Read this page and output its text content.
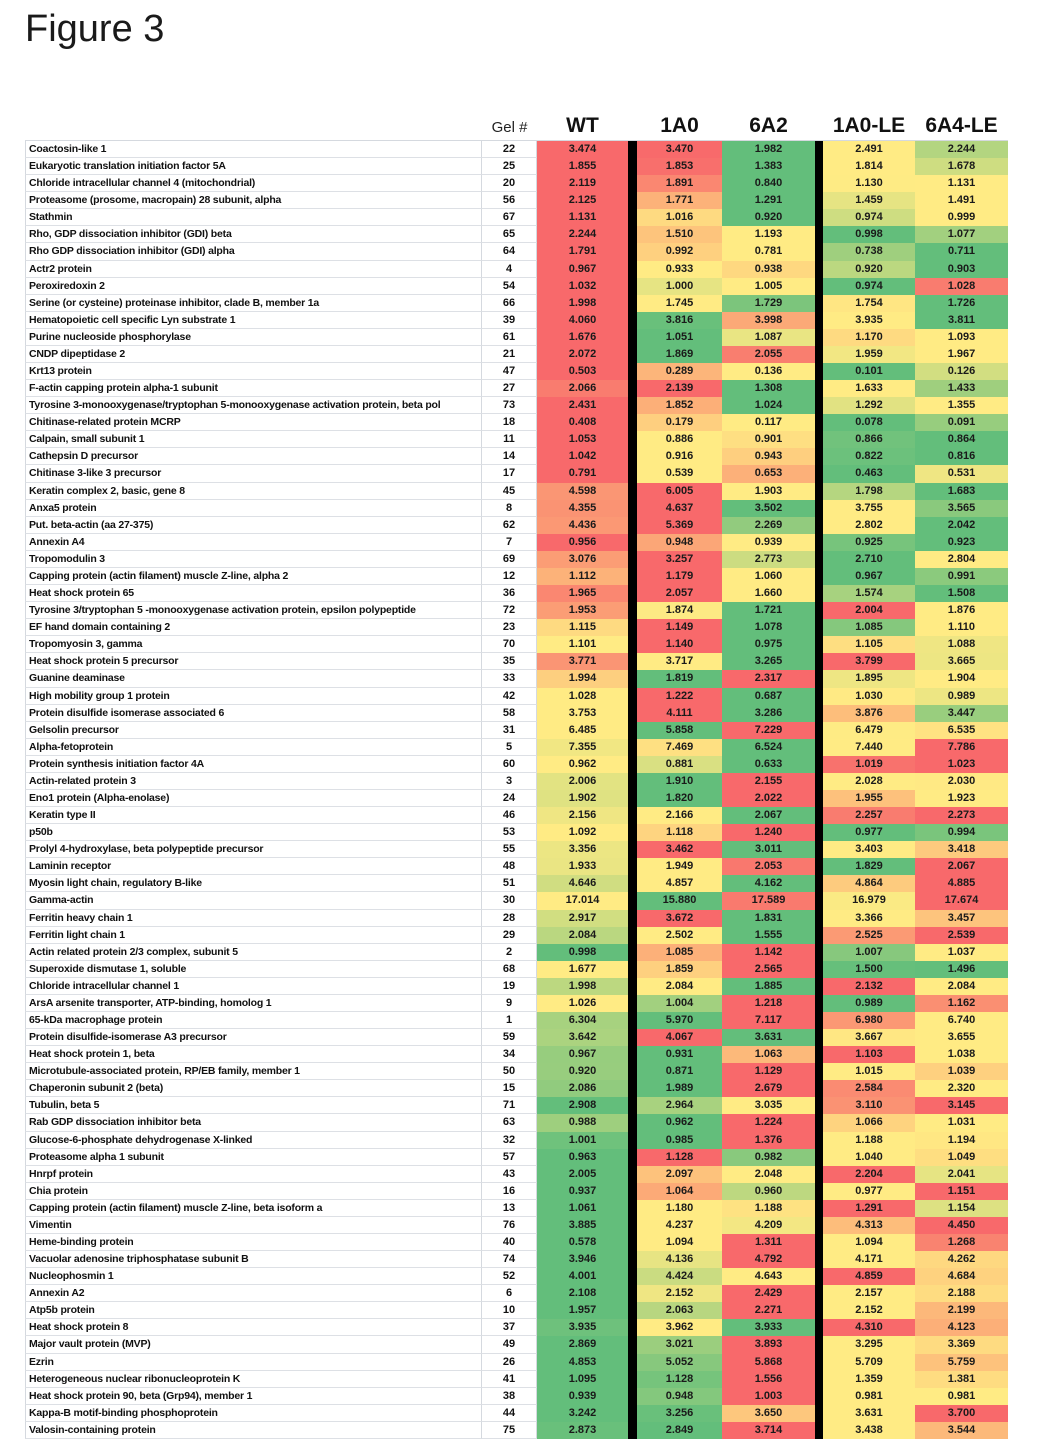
Figure 3
Gel #	WT	1A0	6A2	1A0-LE 6A4-LE
Coactosin-like 1	22	3.474	3.470	1.982	2.491	2.244
Eukaryotic translation initiation factor 5A	25	1.855	1.853	1.383	1.814	1.678
Chloride intracellular channel 4 (mitochondrial)	20	2.119	1.891	0.840	1.130	1.131
Proteasome (prosome, macropain) 28 subunit, alpha	56	2.125	1.771	1.291	1.459	1.491
Stathmin	67	1.131	1.016	0.920	0.974	0.999
Rho, GDP dissociation inhibitor (GDI) beta	65	2.244	1.510	1.193	0.998	1.077
Rho GDP dissociation inhibitor (GDI) alpha	64	1.791	0.992	0.781	0.738	0.711
Actr2 protein	4	0.967	0.933	0.938	0.920	0.903
Peroxiredoxin 2	54	1.032	1.000	1.005	0.974	1.028
Serine (or cysteine) proteinase inhibitor, clade B, member 1a	66	1.998	1.745	1.729	1.754	1.726
Hematopoietic cell specific Lyn substrate 1	39	4.060	3.816	3.998	3.935	3.811
Purine nucleoside phosphorylase	61	1.676	1.051	1.087	1.170	1.093
CNDP dipeptidase 2	21	2.072	1.869	2.055	1.959	1.967
Krt13 protein	47	0.503	0.289	0.136	0.101	0.126
F-actin capping protein alpha-1 subunit	27	2.066	2.139	1.308	1.633	1.433
Tyrosine 3-monooxygenase/tryptophan 5-monooxygenase activation protein, beta pol	73	2.431	1.852	1.024	1.292	1.355
Chitinase-related protein MCRP	18	0.408	0.179	0.117	0.078	0.091
Calpain, small subunit 1	11	1.053	0.886	0.901	0.866	0.864
Cathepsin D precursor	14	1.042	0.916	0.943	0.822	0.816
Chitinase 3-like 3 precursor	17	0.791	0.539	0.653	0.463	0.531
Keratin complex 2, basic, gene 8	45	4.598	6.005	1.903	1.798	1.683
Anxa5 protein	8	4.355	4.637	3.502	3.755	3.565
Put. beta-actin (aa 27-375)	62	4.436	5.369	2.269	2.802	2.042
Annexin A4	7	0.956	0.948	0.939	0.925	0.923
Tropomodulin 3	69	3.076	3.257	2.773	2.710	2.804
Capping protein (actin filament) muscle Z-line, alpha 2	12	1.112	1.179	1.060	0.967	0.991
Heat shock protein 65	36	1.965	2.057	1.660	1.574	1.508
Tyrosine 3/tryptophan 5 -monooxygenase activation protein, epsilon polypeptide	72	1.953	1.874	1.721	2.004	1.876
EF hand domain containing 2	23	1.115	1.149	1.078	1.085	1.110
Tropomyosin 3, gamma	70	1.101	1.140	0.975	1.105	1.088
Heat shock protein 5 precursor	35	3.771	3.717	3.265	3.799	3.665
Guanine deaminase	33	1.994	1.819	2.317	1.895	1.904
High mobility group 1 protein	42	1.028	1.222	0.687	1.030	0.989
Protein disulfide isomerase associated 6	58	3.753	4.111	3.286	3.876	3.447
Gelsolin precursor	31	6.485	5.858	7.229	6.479	6.535
Alpha-fetoprotein	5	7.355	7.469	6.524	7.440	7.786
Protein synthesis initiation factor 4A	60	0.962	0.881	0.633	1.019	1.023
Actin-related protein 3	3	2.006	1.910	2.155	2.028	2.030
Eno1 protein (Alpha-enolase)	24	1.902	1.820	2.022	1.955	1.923
Keratin type II	46	2.156	2.166	2.067	2.257	2.273
p50b	53	1.092	1.118	1.240	0.977	0.994
Prolyl 4-hydroxylase, beta polypeptide precursor	55	3.356	3.462	3.011	3.403	3.418
Laminin receptor	48	1.933	1.949	2.053	1.829	2.067
Myosin light chain, regulatory B-like	51	4.646	4.857	4.162	4.864	4.885
Gamma-actin	30	17.014	15.880	17.589	16.979	17.674
Ferritin heavy chain 1	28	2.917	3.672	1.831	3.366	3.457
Ferritin light chain 1	29	2.084	2.502	1.555	2.525	2.539
Actin related protein 2/3 complex, subunit 5	2	0.998	1.085	1.142	1.007	1.037
Superoxide dismutase 1, soluble	68	1.677	1.859	2.565	1.500	1.496
Chloride intracellular channel 1	19	1.998	2.084	1.885	2.132	2.084
ArsA arsenite transporter, ATP-binding, homolog 1	9	1.026	1.004	1.218	0.989	1.162
65-kDa macrophage protein	1	6.304	5.970	7.117	6.980	6.740
Protein disulfide-isomerase A3 precursor	59	3.642	4.067	3.631	3.667	3.655
Heat shock protein 1, beta	34	0.967	0.931	1.063	1.103	1.038
Microtubule-associated protein, RP/EB family, member 1	50	0.920	0.871	1.129	1.015	1.039
Chaperonin subunit 2 (beta)	15	2.086	1.989	2.679	2.584	2.320
Tubulin, beta 5	71	2.908	2.964	3.035	3.110	3.145
Rab GDP dissociation inhibitor beta	63	0.988	0.962	1.224	1.066	1.031
Glucose-6-phosphate dehydrogenase X-linked	32	1.001	0.985	1.376	1.188	1.194
Proteasome alpha 1 subunit	57	0.963	1.128	0.982	1.040	1.049
Hnrpf protein	43	2.005	2.097	2.048	2.204	2.041
Chia protein	16	0.937	1.064	0.960	0.977	1.151
Capping protein (actin filament) muscle Z-line, beta isoform a	13	1.061	1.180	1.188	1.291	1.154
Vimentin	76	3.885	4.237	4.209	4.313	4.450
Heme-binding protein	40	0.578	1.094	1.311	1.094	1.268
Vacuolar adenosine triphosphatase subunit B	74	3.946	4.136	4.792	4.171	4.262
Nucleophosmin 1	52	4.001	4.424	4.643	4.859	4.684
Annexin A2	6	2.108	2.152	2.429	2.157	2.188
Atp5b protein	10	1.957	2.063	2.271	2.152	2.199
Heat shock protein 8	37	3.935	3.962	3.933	4.310	4.123
Major vault protein (MVP)	49	2.869	3.021	3.893	3.295	3.369
Ezrin	26	4.853	5.052	5.868	5.709	5.759
Heterogeneous nuclear ribonucleoprotein K	41	1.095	1.128	1.556	1.359	1.381
Heat shock protein 90, beta (Grp94), member 1	38	0.939	0.948	1.003	0.981	0.981
Kappa-B motif-binding phosphoprotein	44	3.242	3.256	3.650	3.631	3.700
Valosin-containing protein	75	2.873	2.849	3.714	3.438	3.544
